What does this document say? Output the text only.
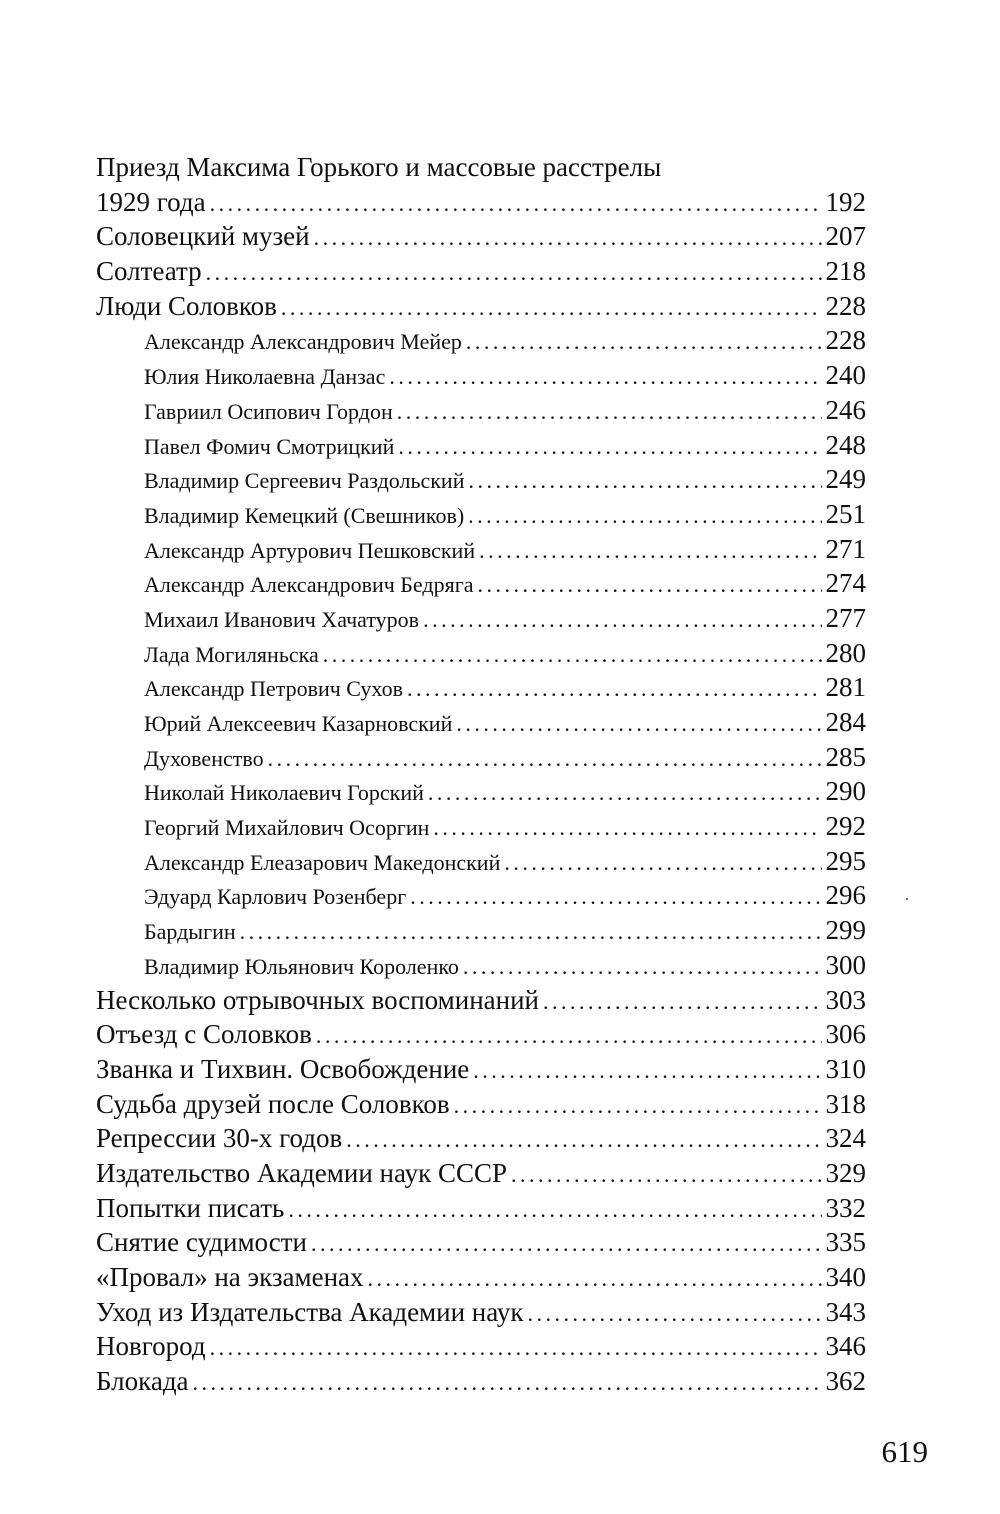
Приезд Максима Горького и массовые расстрелы
1929 года . . .	192
Соловецкий музей . . .	207
Солтеатр . . .	218
Люди Соловков . . .	228
Александр Александрович Мейер . . .	228
Юлия Николаевна Данзас . . .	240
Гавриил Осипович Гордон . . .	246
Павел Фомич Смотрицкий . . .	248
Владимир Сергеевич Раздольский . . .	249
Владимир Кемецкий (Свешников) . . .	251
Александр Артурович Пешковский . . .	271
Александр Александрович Бедряга . . .	274
Михаил Иванович Хачатуров . . .	277
Лада Могиляньска . . .	280
Александр Петрович Сухов . . .	281
Юрий Алексеевич Казарновский . . .	284
Духовенство . . .	285
Николай Николаевич Горский . . .	290
Георгий Михайлович Осоргин . . .	292
Александр Елеазарович Македонский . . .	295
Эдуард Карлович Розенберг . . .	296
Бардыгин . . .	299
Владимир Юльянович Короленко . . .	300
Несколько отрывочных воспоминаний . . .	303
Отъезд с Соловков . . .	306
Званка и Тихвин. Освобождение . . .	310
Судьба друзей после Соловков . . .	318
Репрессии 30-х годов . . .	324
Издательство Академии наук СССР . . .	329
Попытки писать . . .	332
Снятие судимости . . .	335
«Провал» на экзаменах . . .	340
Уход из Издательства Академии наук . . .	343
Новгород . . .	346
Блокада . . .	362
619
